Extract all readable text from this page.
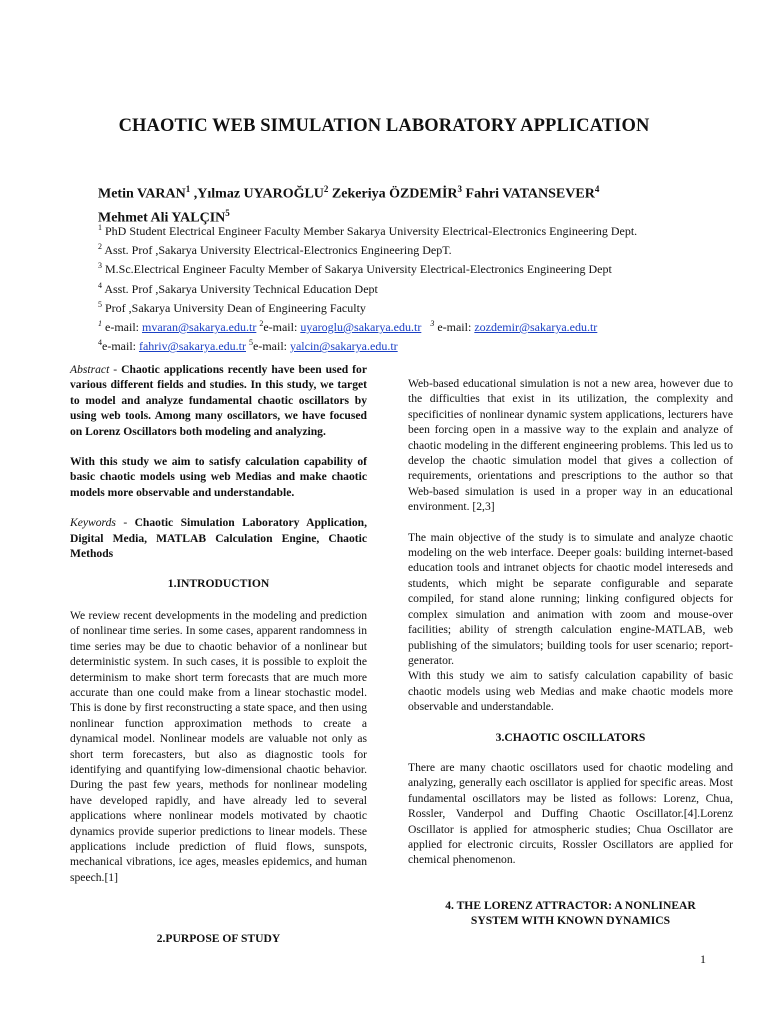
CHAOTIC WEB SIMULATION LABORATORY APPLICATION
Metin VARAN$^1$ ,Yılmaz UYAROĞLU$^2$ Zekeriya ÖZDEMİR$^3$ Fahri VATANSEVER$^4$
Mehmet Ali YALÇIN$^5$
$^1$ PhD Student Electrical Engineer Faculty Member Sakarya University Electrical-Electronics Engineering Dept.
$^2$ Asst. Prof ,Sakarya University Electrical-Electronics Engineering DepT.
$^3$ M.Sc.Electrical Engineer Faculty Member of Sakarya University Electrical-Electronics Engineering Dept
$^4$ Asst. Prof ,Sakarya University Technical Education Dept
$^5$ Prof ,Sakarya University Dean of Engineering Faculty
$^1$ e-mail: mvaran@sakarya.edu.tr $^2$e-mail: uyaroglu@sakarya.edu.tr $^3$ e-mail: zozdemir@sakarya.edu.tr
$^4$e-mail: fahriv@sakarya.edu.tr $^5$e-mail: yalcin@sakarya.edu.tr

Abstract - Chaotic applications recently have been used for various different fields and studies. In this study, we target to model and analyze fundamental chaotic oscillators by using web tools. Among many oscillators, we have focused on Lorenz Oscillators both modeling and analyzing.

With this study we aim to satisfy calculation capability of basic chaotic models using web Medias and make chaotic models more observable and understandable.

Keywords - Chaotic Simulation Laboratory Application, Digital Media, MATLAB Calculation Engine, Chaotic Methods

1.INTRODUCTION

We review recent developments in the modeling and prediction of nonlinear time series. In some cases, apparent randomness in time series may be due to chaotic behavior of a nonlinear but deterministic system. In such cases, it is possible to exploit the determinism to make short term forecasts that are much more accurate than one could make from a linear stochastic model. This is done by first reconstructing a state space, and then using nonlinear function approximation methods to create a dynamical model. Nonlinear models are valuable not only as short term forecasters, but also as diagnostic tools for identifying and quantifying low-dimensional chaotic behavior. During the past few years, methods for nonlinear modeling have developed rapidly, and have already led to several applications where nonlinear models motivated by chaotic dynamics provide superior predictions to linear models. These applications include prediction of fluid flows, sunspots, mechanical vibrations, ice ages, measles epidemics, and human speech.[1]

2.PURPOSE OF STUDY

Web-based educational simulation is not a new area, however due to the difficulties that exist in its utilization, the complexity and specificities of nonlinear dynamic system applications, lecturers have been forcing open in a massive way to the explain and analyze of chaotic modeling in the different engineering problems. This led us to develop the chaotic simulation model that gives a collection of requirements, orientations and prescriptions to the author so that Web-based simulation is used in a proper way in an educational environment. [2,3]

The main objective of the study is to simulate and analyze chaotic modeling on the web interface. Deeper goals: building internet-based education tools and intranet objects for chaotic model intereseds and students, which might be separate configurable and separate compiled, for stand alone running; linking configured objects for complex simulation and animation with zoom and mouse-over facilities; ability of strength calculation engine-MATLAB, web publishing of the simulators; building tools for user scenario; report- generator.

With this study we aim to satisfy calculation capability of basic chaotic models using web Medias and make chaotic models more observable and understandable.

3.CHAOTIC OSCILLATORS

There are many chaotic oscillators used for chaotic modeling and analyzing, generally each oscillator is applied for specific areas. Most fundamental oscillators may be listed as follows: Lorenz, Chua, Rossler, Vanderpol and Duffing Chaotic Oscillator.[4].Lorenz Oscillator is applied for atmospheric studies; Chua Oscillator are applied for electronic circuits, Rossler Oscillators are applied for chemical phenomenon.

4. THE LORENZ ATTRACTOR: A NONLINEAR
SYSTEM WITH KNOWN DYNAMICS

1
